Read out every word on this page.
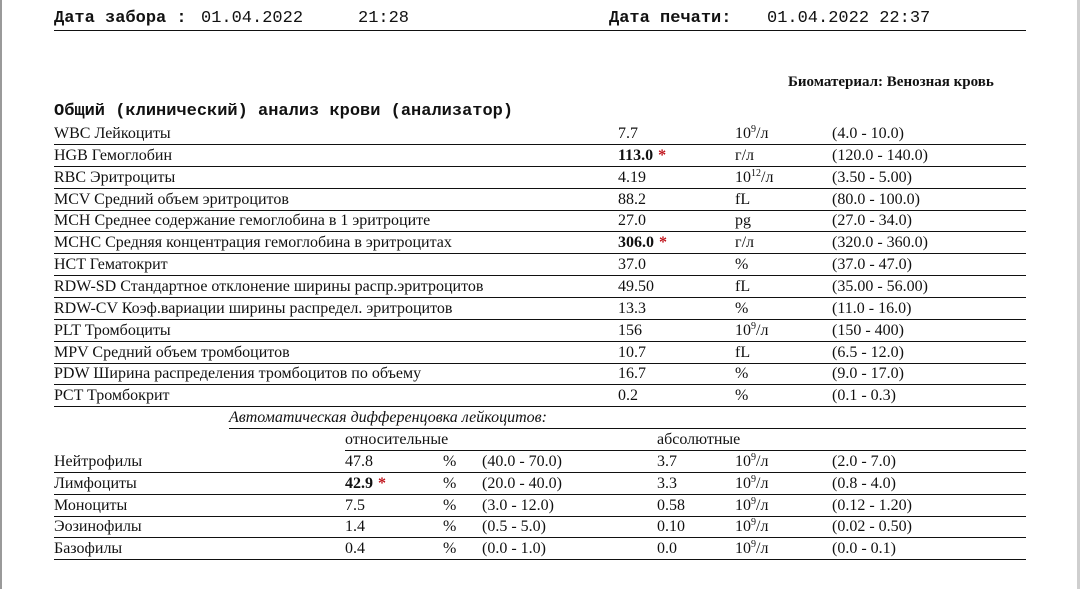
Дата забора : 01.04.2022	21:28	Дата печати: 01.04.2022 22:37
Биоматериал: Венозная кровь
Общий (клинический) анализ крови (анализатор)
WBC Лейкоциты	7.7	$10^9/л$	(4.0 - 10.0)
HGB Гемоглобин	113.0 *	г/л	(120.0 - 140.0)
RBC Эритроциты	4.19	$10^{12}/л$	(3.50 - 5.00)
MCV Средний объем эритроцитов	88.2	fL	(80.0 - 100.0)
MCH Среднее содержание гемоглобина в 1 эритроците	27.0	pg	(27.0 - 34.0)
MCHC Средняя концентрация гемоглобина в эритроцитах	306.0 *	г/л	(320.0 - 360.0)
HCT Гематокрит	37.0	%	(37.0 - 47.0)
RDW-SD Стандартное отклонение ширины распр.эритроцитов	49.50	fL	(35.00 - 56.00)
RDW-CV Коэф.вариации ширины распредел. эритроцитов	13.3	%	(11.0 - 16.0)
PLT Тромбоциты	156	$10^9/л$	(150 - 400)
MPV Средний объем тромбоцитов	10.7	fL	(6.5 - 12.0)
PDW Ширина распределения тромбоцитов по объему	16.7	%	(9.0 - 17.0)
PCT Тромбокрит	0.2	%	(0.1 - 0.3)
Автоматическая дифференцовка лейкоцитов:
относительные	абсолютные
Нейтрофилы	47.8	% (40.0 - 70.0)	3.7	$10^9/л$	(2.0 - 7.0)
Лимфоциты	42.9 *	% (20.0 - 40.0)	3.3	$10^9/л$	(0.8 - 4.0)
Моноциты	7.5	% (3.0 - 12.0)	0.58	$10^9/л$	(0.12 - 1.20)
Эозинофилы	1.4	% (0.5 - 5.0)	0.10	$10^9/л$	(0.02 - 0.50)
Базофилы	0.4	% (0.0 - 1.0)	0.0	$10^9/л$	(0.0 - 0.1)
